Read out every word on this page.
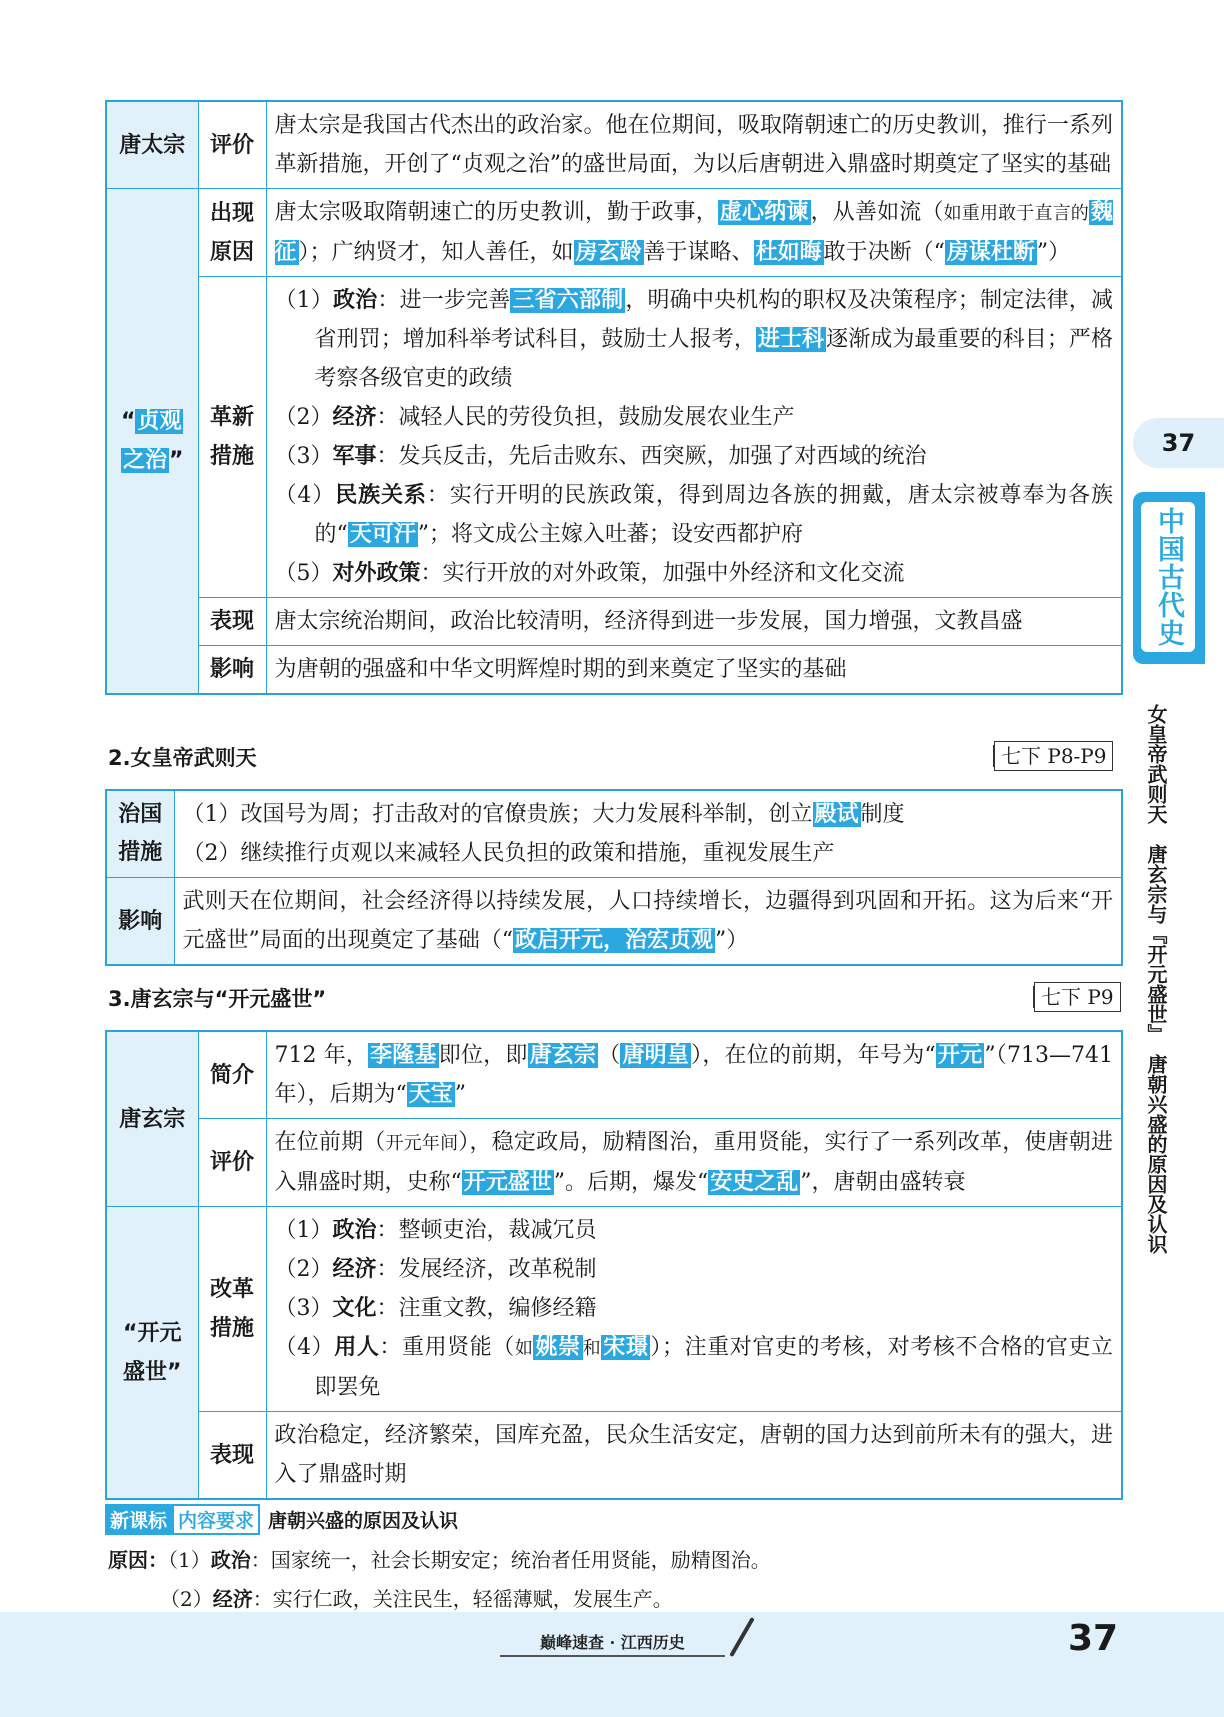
唐太宗	评价	唐太宗是我国古代杰出的政治家。他在位期间，吸取隋朝速亡的历史教训，推行一系列革新措施，开创了“贞观之治”的盛世局面，为以后唐朝进入鼎盛时期奠定了坚实的基础
“贞观
之治”	出现原因	唐太宗吸取隋朝速亡的历史教训，勤于政事，虚心纳谏，从善如流（如重用敢于直言的魏征）；广纳贤才，知人善任，如房玄龄善于谋略、杜如晦敢于决断（“房谋杜断”）
	革新措施	（1）政治：进一步完善三省六部制，明确中央机构的职权及决策程序；制定法律，减省刑罚；增加科举考试科目，鼓励士人报考，进士科逐渐成为最重要的科目；严格考察各级官吏的政绩
（2）经济：减轻人民的劳役负担，鼓励发展农业生产
（3）军事：发兵反击，先后击败东、西突厥，加强了对西域的统治
（4）民族关系：实行开明的民族政策，得到周边各族的拥戴，唐太宗被尊奉为各族的“天可汗”；将文成公主嫁入吐蕃；设安西都护府
（5）对外政策：实行开放的对外政策，加强中外经济和文化交流

	表现	唐太宗统治期间，政治比较清明，经济得到进一步发展，国力增强，文教昌盛
	影响	为唐朝的强盛和中华文明辉煌时期的到来奠定了坚实的基础
2.女皇帝武则天	七下 P8-P9
治国措施	（1）改国号为周；打击敌对的官僚贵族；大力发展科举制，创立殿试制度
（2）继续推行贞观以来减轻人民负担的政策和措施，重视发展生产

影响	武则天在位期间，社会经济得以持续发展，人口持续增长，边疆得到巩固和开拓。这为后来“开元盛世”局面的出现奠定了基础（“政启开元，治宏贞观”）
3.唐玄宗与“开元盛世”	七下 P9
唐玄宗	简介	712 年，李隆基即位，即唐玄宗（唐明皇），在位的前期，年号为“开元”（713—741 年），后期为“天宝”
	评价	在位前期（开元年间），稳定政局，励精图治，重用贤能，实行了一系列改革，使唐朝进入鼎盛时期，史称“开元盛世”。后期，爆发“安史之乱”，唐朝由盛转衰
“开元盛世”	改革措施	（1）政治：整顿吏治，裁减冗员
（2）经济：发展经济，改革税制
（3）文化：注重文教，编修经籍
（4）用人：重用贤能（如姚崇 和宋璟）；注重对官吏的考核，对考核不合格的官吏立即罢免

	表现	政治稳定，经济繁荣，国库充盈，民众生活安定，唐朝的国力达到前所未有的强大，进入了鼎盛时期
新课标 内容要求 唐朝兴盛的原因及认识
原因：（1）政治：国家统一，社会长期安定；统治者任用贤能，励精图治。
（2）经济：实行仁政，关注民生，轻徭薄赋，发展生产。
37
中国古代史
女皇帝武则天　唐玄宗与『开元盛世』　唐朝兴盛的原因及认识
巅峰速查 · 江西历史	37
